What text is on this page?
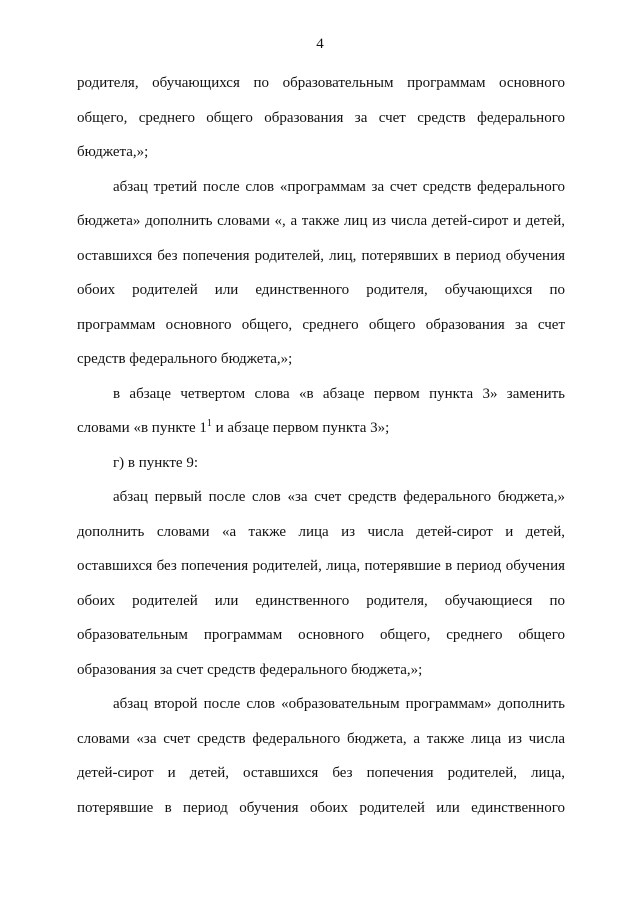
4
родителя, обучающихся по образовательным программам основного
общего, среднего общего образования за счет средств федерального
бюджета,»;
абзац третий после слов «программам за счет средств федерального
бюджета» дополнить словами «, а также лиц из числа детей-сирот и детей,
оставшихся без попечения родителей, лиц, потерявших в период обучения
обоих родителей или единственного родителя, обучающихся по
программам основного общего, среднего общего образования за счет
средств федерального бюджета,»;
в абзаце четвертом слова «в абзаце первом пункта 3» заменить
словами «в пункте $1^1$ и абзаце первом пункта 3»;
г) в пункте 9:
абзац первый после слов «за счет средств федерального бюджета,»
дополнить словами «а также лица из числа детей-сирот и детей,
оставшихся без попечения родителей, лица, потерявшие в период обучения
обоих родителей или единственного родителя, обучающиеся по
образовательным программам основного общего, среднего общего
образования за счет средств федерального бюджета,»;
абзац второй после слов «образовательным программам» дополнить
словами «за счет средств федерального бюджета, а также лица из числа
детей-сирот и детей, оставшихся без попечения родителей, лица,
потерявшие в период обучения обоих родителей или единственного
